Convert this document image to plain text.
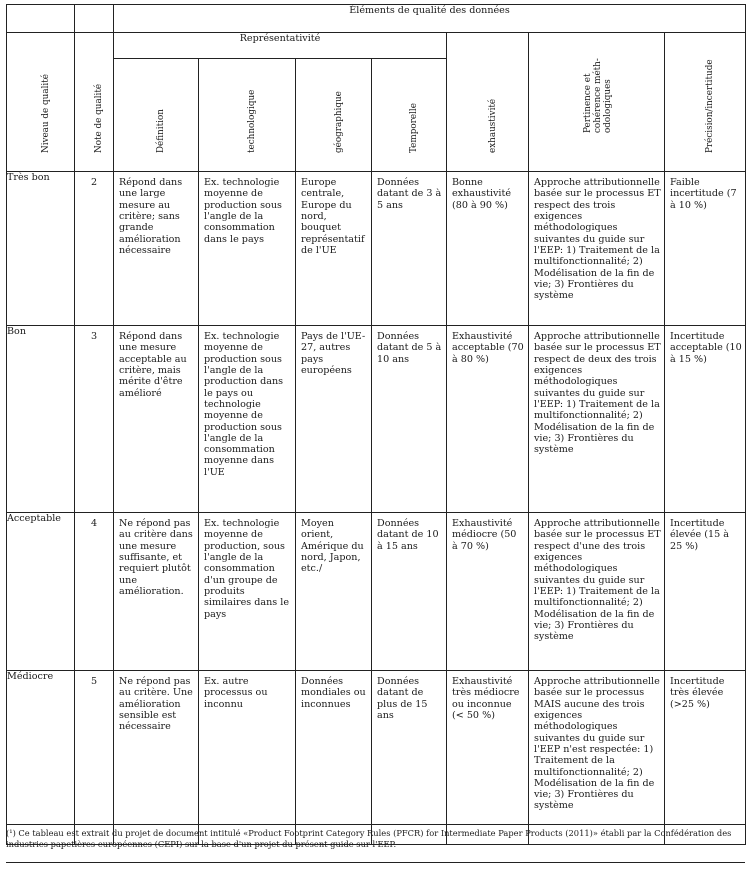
		Éléments de qualité des données						

Niveau de qualité	Note de qualité	Représentativité				exhaustivité	Pertinence et cohérence méthodologiques	Précision/incertitude

		Définition	technologique	géographique	Temporelle			

Très bon	2	Répond dans une large mesure au critère; sans grande amélioration nécessaire	Ex. technologie moyenne de production sous l'angle de la consommation dans le pays	Europe centrale, Europe du nord, bouquet représentatif de l'UE	Données datant de 3 à 5 ans	Bonne exhaustivité (80 à 90 %)	Approche attributionnelle basée sur le processus ET respect des trois exigences méthodologiques suivantes du guide sur l'EEP: 1) Traitement de la multifonctionnalité; 2) Modélisation de la fin de vie; 3) Frontières du système	Faible incertitude (7 à 10 %)

Bon	3	Répond dans une mesure acceptable au critère, mais mérite d'être amélioré	Ex. technologie moyenne de production sous l'angle de la production dans le pays ou technologie moyenne de production sous l'angle de la consommation moyenne dans l'UE	Pays de l'UE-27, autres pays européens	Données datant de 5 à 10 ans	Exhaustivité acceptable (70 à 80 %)	Approche attributionnelle basée sur le processus ET respect de deux des trois exigences méthodologiques suivantes du guide sur l'EEP: 1) Traitement de la multifonctionnalité; 2) Modélisation de la fin de vie; 3) Frontières du système	Incertitude acceptable (10 à 15 %)

Acceptable	4	Ne répond pas au critère dans une mesure suffisante, et requiert plutôt une amélioration.	Ex. technologie moyenne de production, sous l'angle de la consommation d'un groupe de produits similaires dans le pays	Moyen orient, Amérique du nord, Japon, etc./	Données datant de 10 à 15 ans	Exhaustivité médiocre (50 à 70 %)	Approche attributionnelle basée sur le processus ET respect d'une des trois exigences méthodologiques suivantes du guide sur l'EEP: 1) Traitement de la multifonctionnalité; 2) Modélisation de la fin de vie; 3) Frontières du système	Incertitude élevée (15 à 25 %)

Médiocre	5	Ne répond pas au critère. Une amélioration sensible est nécessaire	Ex. autre processus ou inconnu	Données mondiales ou inconnues	Données datant de plus de 15 ans	Exhaustivité très médiocre ou inconnue (< 50 %)	Approche attributionnelle basée sur le processus MAIS aucune des trois exigences méthodologiques suivantes du guide sur l'EEP n'est respectée: 1) Traitement de la multifonctionnalité; 2) Modélisation de la fin de vie; 3) Frontières du système	Incertitude très élevée (>25 %)
(¹) Ce tableau est extrait du projet de document intitulé «Product Footprint Category Rules (PFCR) for Intermediate Paper Products (2011)» établi par la Confédération des industries papetières européennes (CEPI) sur la base d'un projet du présent guide sur l'EEP.
